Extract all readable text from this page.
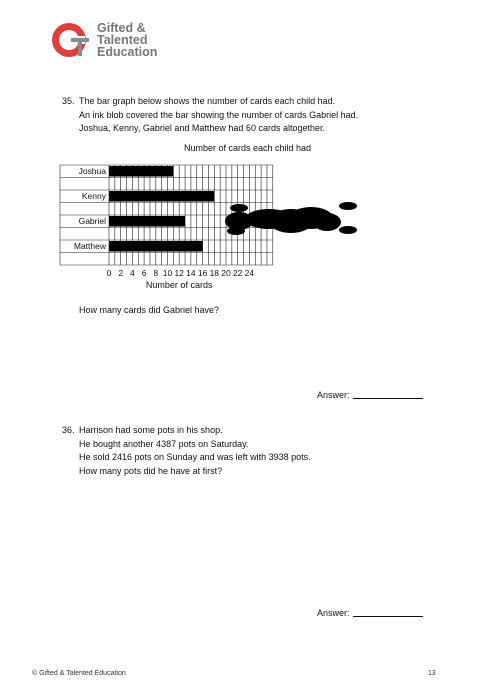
Gifted &
Talented
Education
35. The bar graph below shows the number of cards each child had.
An ink blob covered the bar showing the number of cards Gabriel had.
Joshua, Kenny, Gabriel and Matthew had 60 cards altogether.
Number of cards each child had
Joshua
Kenny
Gabriel
Matthew
0 2 4 6 8 10 12 14 16 18 20 22 24
Number of cards
How many cards did Gabriel have?
Answer:
36. Harrison had some pots in his shop.
He bought another 4387 pots on Saturday.
He sold 2416 pots on Sunday and was left with 3938 pots.
How many pots did he have at first?
Answer:
© Gifted & Talented Education	13
